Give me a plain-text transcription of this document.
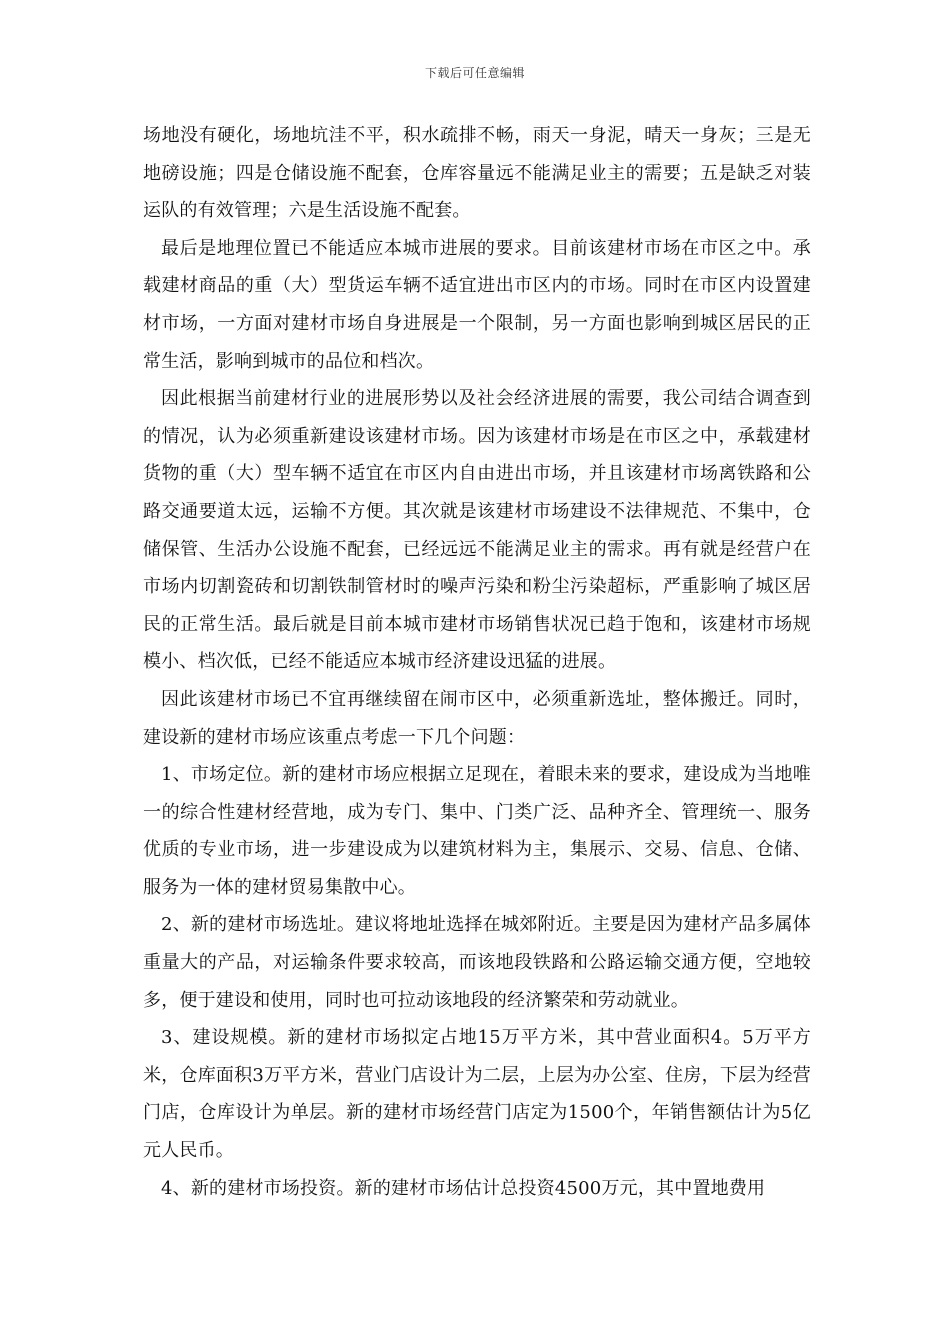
下载后可任意编辑

场地没有硬化，场地坑洼不平，积水疏排不畅，雨天一身泥，晴天一身灰；三是无地磅设施；四是仓储设施不配套，仓库容量远不能满足业主的需要；五是缺乏对装运队的有效管理；六是生活设施不配套。

最后是地理位置已不能适应本城市进展的要求。目前该建材市场在市区之中。承载建材商品的重（大）型货运车辆不适宜进出市区内的市场。同时在市区内设置建材市场，一方面对建材市场自身进展是一个限制，另一方面也影响到城区居民的正常生活，影响到城市的品位和档次。

因此根据当前建材行业的进展形势以及社会经济进展的需要，我公司结合调查到的情况，认为必须重新建设该建材市场。因为该建材市场是在市区之中，承载建材货物的重（大）型车辆不适宜在市区内自由进出市场，并且该建材市场离铁路和公路交通要道太远，运输不方便。其次就是该建材市场建设不法律规范、不集中，仓储保管、生活办公设施不配套，已经远远不能满足业主的需求。再有就是经营户在市场内切割瓷砖和切割铁制管材时的噪声污染和粉尘污染超标，严重影响了城区居民的正常生活。最后就是目前本城市建材市场销售状况已趋于饱和，该建材市场规模小、档次低，已经不能适应本城市经济建设迅猛的进展。

因此该建材市场已不宜再继续留在闹市区中，必须重新选址，整体搬迁。同时，建设新的建材市场应该重点考虑一下几个问题：

1、市场定位。新的建材市场应根据立足现在，着眼未来的要求，建设成为当地唯一的综合性建材经营地，成为专门、集中、门类广泛、品种齐全、管理统一、服务优质的专业市场，进一步建设成为以建筑材料为主，集展示、交易、信息、仓储、服务为一体的建材贸易集散中心。

2、新的建材市场选址。建议将地址选择在城郊附近。主要是因为建材产品多属体重量大的产品，对运输条件要求较高，而该地段铁路和公路运输交通方便，空地较多，便于建设和使用，同时也可拉动该地段的经济繁荣和劳动就业。

3、建设规模。新的建材市场拟定占地15万平方米，其中营业面积4。5万平方米，仓库面积3万平方米，营业门店设计为二层，上层为办公室、住房，下层为经营门店，仓库设计为单层。新的建材市场经营门店定为1500个，年销售额估计为5亿元人民币。

4、新的建材市场投资。新的建材市场估计总投资4500万元，其中置地费用
